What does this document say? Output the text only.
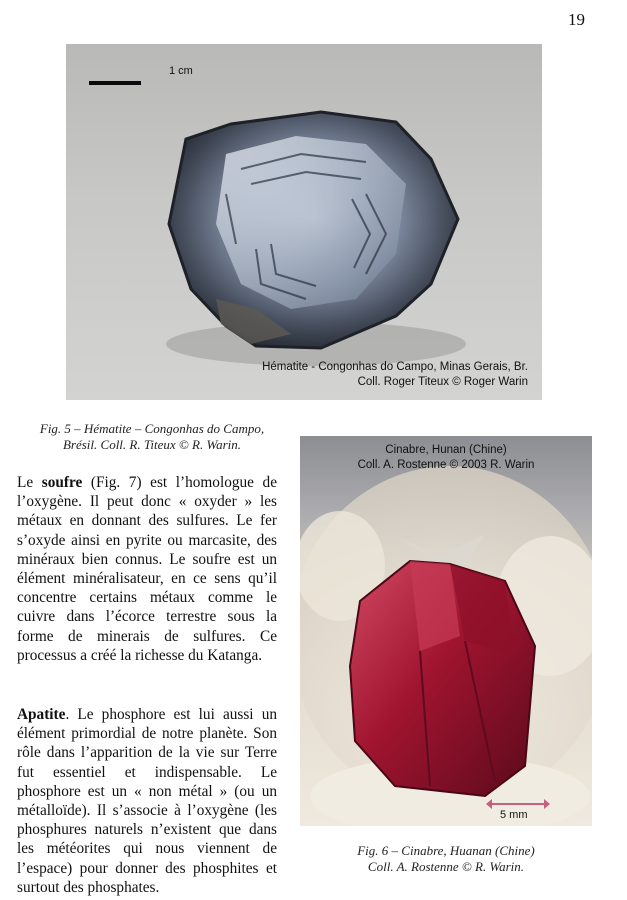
19
1 cm
Hématite - Congonhas do Campo, Minas Gerais, Br.
Coll. Roger Titeux © Roger Warin
Fig. 5 – Hématite – Congonhas do Campo,
Brésil. Coll. R. Titeux © R. Warin.	Cinabre, Hunan (Chine)
Coll. A. Rostenne © 2003 R. Warin
5 mm
Fig. 6 – Cinabre, Huanan (Chine)
Coll. A. Rostenne © R. Warin.
Le soufre (Fig. 7) est l’homologue de l’oxygène. Il peut donc « oxyder » les métaux en donnant des sulfures. Le fer s’oxyde ainsi en pyrite ou marcasite, des minéraux bien connus. Le soufre est un élément minéralisateur, en ce sens qu’il concentre certains métaux comme le cuivre dans l’écorce terrestre sous la forme de minerais de sulfures. Ce processus a créé la richesse du Katanga.
Apatite. Le phosphore est lui aussi un élément primordial de notre planète. Son rôle dans l’apparition de la vie sur Terre fut essentiel et indispensable. Le phosphore est un « non métal » (ou un métalloïde). Il s’associe à l’oxygène (les phosphures naturels n’existent que dans les météorites qui nous viennent de l’espace) pour donner des phosphites et surtout des phosphates.
